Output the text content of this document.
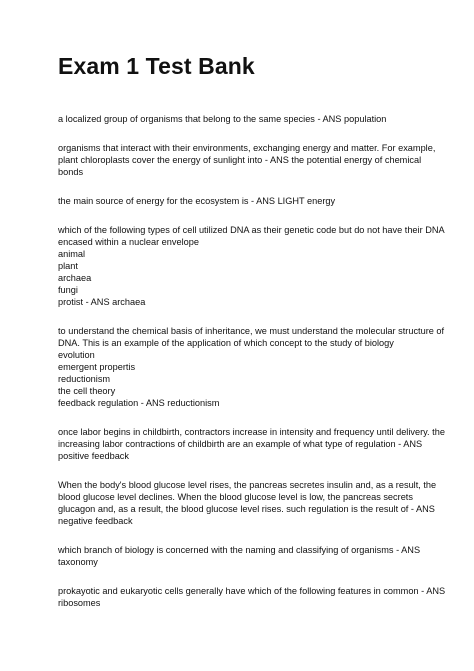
Exam 1 Test Bank
a localized group of organisms that belong to the same species - ANS population
organisms that interact with their environments, exchanging energy and matter. For example,
plant chloroplasts cover the energy of sunlight into - ANS the potential energy of chemical
bonds
the main source of energy for the ecosystem is - ANS LIGHT energy
which of the following types of cell utilized DNA as their genetic code but do not have their DNA
encased within a nuclear envelope
animal
plant
archaea
fungi
protist - ANS archaea
to understand the chemical basis of inheritance, we must understand the molecular structure of
DNA. This is an example of the application of which concept to the study of biology
evolution
emergent propertis
reductionism
the cell theory
feedback regulation - ANS reductionism
once labor begins in childbirth, contractors increase in intensity and frequency until delivery. the
increasing labor contractions of childbirth are an example of what type of regulation - ANS
positive feedback
When the body's blood glucose level rises, the pancreas secretes insulin and, as a result, the
blood glucose level declines. When the blood glucose level is low, the pancreas secrets
glucagon and, as a result, the blood glucose level rises. such regulation is the result of - ANS
negative feedback
which branch of biology is concerned with the naming and classifying of organisms - ANS
taxonomy
prokayotic and eukaryotic cells generally have which of the following features in common - ANS
ribosomes
